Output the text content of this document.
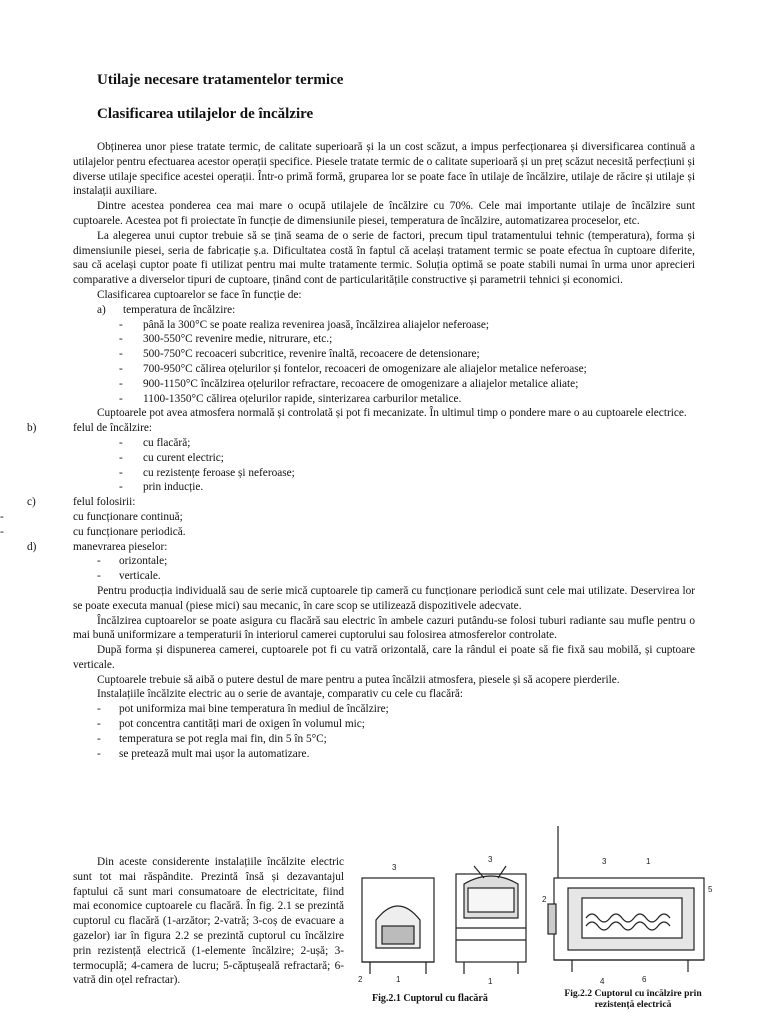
Utilaje necesare tratamentelor termice
Clasificarea utilajelor de încălzire

Obținerea unor piese tratate termic, de calitate superioară și la un cost scăzut, a impus perfecționarea și diversificarea continuă a utilajelor pentru efectuarea acestor operații specifice. Piesele tratate termic de o calitate superioară și un preț scăzut necesită perfecțiuni și diverse utilaje specifice acestei operații. Într-o primă formă, gruparea lor se poate face în utilaje de încălzire, utilaje de răcire și utilaje și instalații auxiliare.

Dintre acestea ponderea cea mai mare o ocupă utilajele de încălzire cu 70%. Cele mai importante utilaje de încălzire sunt cuptoarele. Acestea pot fi proiectate în funcție de dimensiunile piesei, temperatura de încălzire, automatizarea proceselor, etc.

La alegerea unui cuptor trebuie să se țină seama de o serie de factori, precum tipul tratamentului tehnic (temperatura), forma și dimensiunile piesei, seria de fabricație ș.a. Dificultatea costă în faptul că același tratament termic se poate efectua în cuptoare diferite, sau că același cuptor poate fi utilizat pentru mai multe tratamente termic. Soluția optimă se poate stabili numai în urma unor aprecieri comparative a diverselor tipuri de cuptoare, ținând cont de particularitățile constructive și parametrii tehnici și economici.

Clasificarea cuptoarelor se face în funcție de:

a) temperatura de încălzire:
- până la 300°C se poate realiza revenirea joasă, încălzirea aliajelor neferoase;
- 300-550°C revenire medie, nitrurare, etc.;
- 500-750°C recoaceri subcritice, revenire înaltă, recoacere de detensionare;
- 700-950°C călirea oțelurilor și fontelor, recoaceri de omogenizare ale aliajelor metalice neferoase;
- 900-1150°C încălzirea oțelurilor refractare, recoacere de omogenizare a aliajelor metalice aliate;
- 1100-1350°C călirea oțelurilor rapide, sinterizarea carburilor metalice.

Cuptoarele pot avea atmosfera normală și controlată și pot fi mecanizate. În ultimul timp o pondere mare o au cuptoarele electrice.

b)	felul de încălzire:
- cu flacără;
- cu curent electric;
- cu rezistențe feroase și neferoase;
- prin inducție.
c)	felul folosirii:
-	cu funcționare continuă;
-	cu funcționare periodică.
d)	manevrarea pieselor:
- orizontale;
- verticale.

Pentru producția individuală sau de serie mică cuptoarele tip cameră cu funcționare periodică sunt cele mai utilizate. Deservirea lor se poate executa manual (piese mici) sau mecanic, în care scop se utilizează dispozitivele adecvate.

Încălzirea cuptoarelor se poate asigura cu flacără sau electric în ambele cazuri putându-se folosi tuburi radiante sau mufle pentru o mai bună uniformizare a temperaturii în interiorul camerei cuptorului sau folosirea atmosferelor controlate.

După forma și dispunerea camerei, cuptoarele pot fi cu vatră orizontală, care la rândul ei poate să fie fixă sau mobilă, și cuptoare verticale.

Cuptoarele trebuie să aibă o putere destul de mare pentru a putea încălzii atmosfera, piesele și să acopere pierderile.

Instalațiile încălzite electric au o serie de avantaje, comparativ cu cele cu flacără:

- pot uniformiza mai bine temperatura în mediul de încălzire;
- pot concentra cantități mari de oxigen în volumul mic;
- temperatura se pot regla mai fin, din 5 în 5°C;
- se pretează mult mai ușor la automatizare.

Din aceste considerente instalațiile încălzite electric sunt tot mai răspândite. Prezintă însă și dezavantajul faptului că sunt mari consumatoare de electricitate, fiind mai economice cuptoarele cu flacără. În fig. 2.1 se prezintă cuptorul cu flacără (1-arzător; 2-vatră; 3-coș de evacuare a gazelor) iar în figura 2.2 se prezintă cuptorul cu încălzire prin rezistență electrică (1-elemente încălzire; 2-ușă; 3-termocuplă; 4-camera de lucru; 5-căptușeală refractară; 6-vatră din oțel refractar).

3
2	1
3
1
Fig.2.1 Cuptorul cu flacără
3	1
2
4
5
6
Fig.2.2 Cuptorul cu încălzire prin rezistență electrică
